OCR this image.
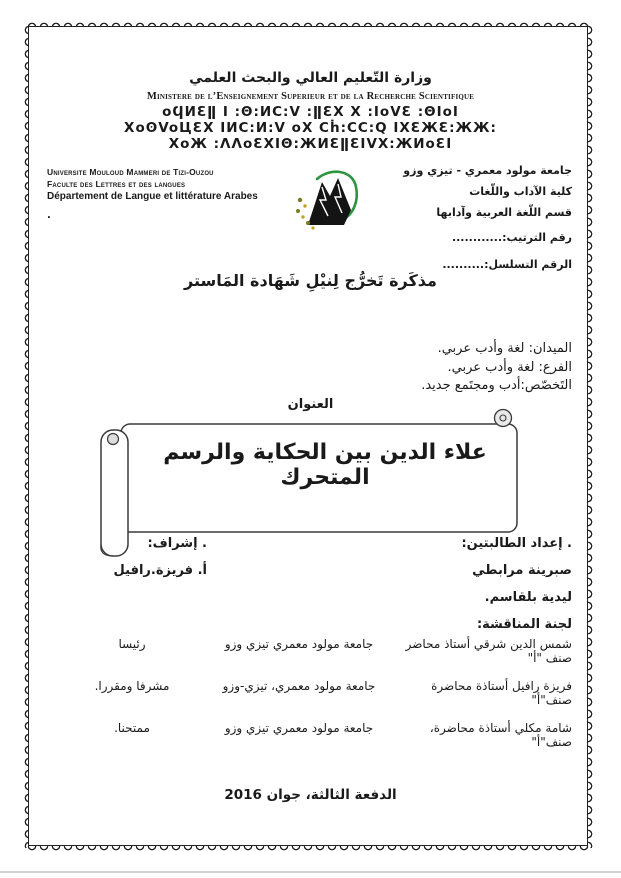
وزارة التّعليم العالي والبحث العلمي
Ministere de l’Enseignement Superieur et de la Recherche Scientifique
oϤИƐǁ I :Θ:ИC:V :ǁƐX X :IoVƐ :ΘIoI
XoʘVoЦƐX IИC:И:V oX Cḣ:CC:Q IXƐЖƐ:ЖЖ:
XoЖ :ΛΛoƐXIΘ:ЖИƐǁƐIVX:ЖИoƐI
Universite Mouloud Mammeri de Tizi-Ouzou
Faculte des Lettres et des langues
Département de Langue et littérature Arabes
.
جامعة مولود معمري - تيزي وزو
كلية الآداب واللّغات
قسم اللّغة العربية وآدابها
رقم الترتيب:............
الرقم التسلسل:..........
مذكَرة تَخرُّج لِنيْلِ شَهَادة المَاستر
الميدان: لغة وأدب عربي.
الفرع: لغة وأدب عربي.
التَخصّص:أدب ومجتَمع جديد.
العنوان
علاء الدين بين الحكاية والرسم المتحرك
. إعداد الطالبتين:
صبرينة مرابطي
ليدية بلقاسم.
لجنة المناقشة:
. إشراف:
أ. فريزة.رافيل
شمس الدين شرقي أستاذ محاضر صنف "أ"
جامعة مولود معمري تيزي وزو
رئيسا
فريزة رافيل أستاذة محاضرة صنف"أ"
جامعة مولود معمري، تيزي-وزو
مشرفا ومقررا.
شامة مكلي أستاذة محاضرة، صنف"أ"
جامعة مولود معمري تيزي وزو
ممتحنا.
الدفعة الثالثة، جوان 2016
